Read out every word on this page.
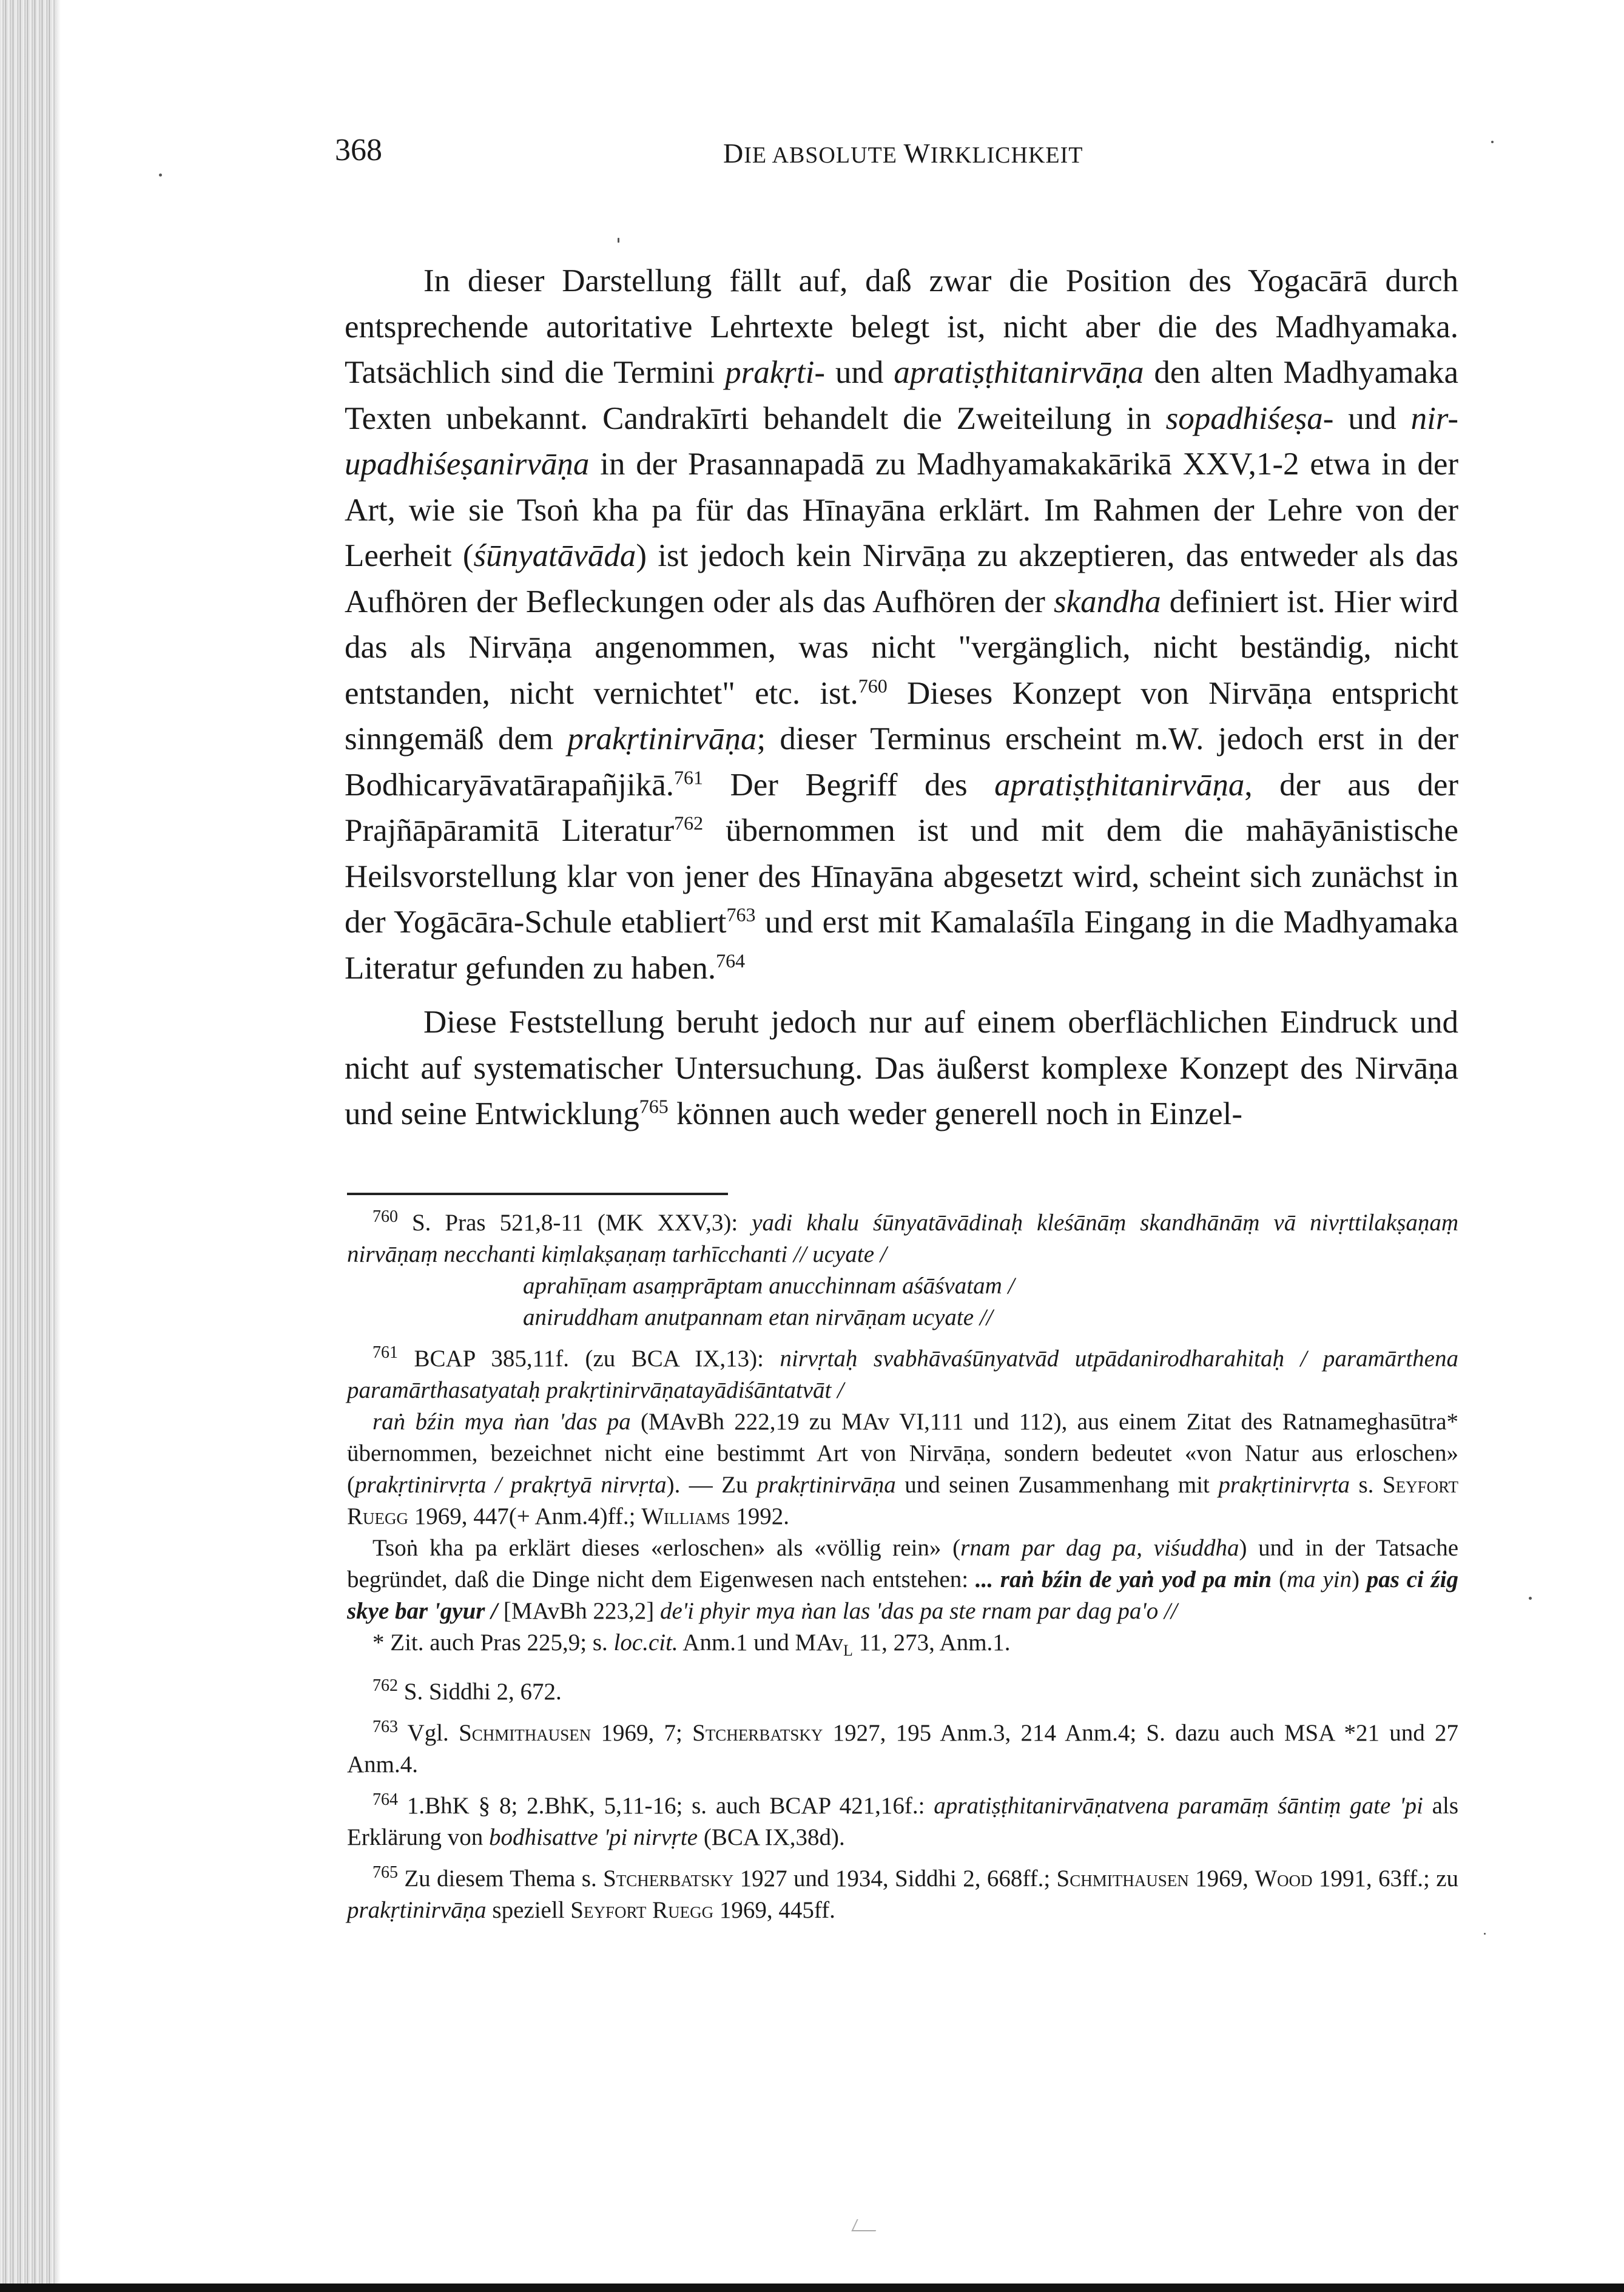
368	DIE ABSOLUTE WIRKLICHKEIT

In dieser Darstellung fällt auf, daß zwar die Position des Yogacārā durch entsprechende autoritative Lehrtexte belegt ist, nicht aber die des Madhyamaka. Tatsächlich sind die Termini prakṛti- und apratiṣṭhitanirvāṇa den alten Madhyamaka Texten unbekannt. Candrakīrti behandelt die Zweiteilung in sopadhiśeṣa- und nir-upadhiśeṣanirvāṇa in der Prasannapadā zu Madhyamakakārikā XXV,1-2 etwa in der Art, wie sie Tsoṅ kha pa für das Hīnayāna erklärt. Im Rahmen der Lehre von der Leerheit (śūnyatāvāda) ist jedoch kein Nirvāṇa zu akzeptieren, das entweder als das Aufhören der Befleckungen oder als das Aufhören der skandha definiert ist. Hier wird das als Nirvāṇa angenommen, was nicht "vergänglich, nicht beständig, nicht entstanden, nicht vernichtet" etc. ist.$^{760}$ Dieses Konzept von Nirvāṇa entspricht sinngemäß dem prakṛtinirvāṇa; dieser Terminus erscheint m.W. jedoch erst in der Bodhicaryāvatārapañjikā.$^{761}$ Der Begriff des apratiṣṭhitanirvāṇa, der aus der Prajñāpāramitā Literatur$^{762}$ übernommen ist und mit dem die mahāyānistische Heilsvorstellung klar von jener des Hīnayāna abgesetzt wird, scheint sich zunächst in der Yogācāra-Schule etabliert$^{763}$ und erst mit Kamalaśīla Eingang in die Madhyamaka Literatur gefunden zu haben.$^{764}$

Diese Feststellung beruht jedoch nur auf einem oberflächlichen Eindruck und nicht auf systematischer Untersuchung. Das äußerst komplexe Konzept des Nirvāṇa und seine Entwicklung$^{765}$ können auch weder generell noch in Einzel-

$^{760}$ S. Pras 521,8-11 (MK XXV,3): yadi khalu śūnyatāvādinaḥ kleśānāṃ skandhānāṃ vā nivṛttilakṣaṇaṃ nirvāṇaṃ necchanti kiṃlakṣaṇaṃ tarhīcchanti // ucyate /
aprahīṇam asaṃprāptam anucchinnam aśāśvatam /
aniruddham anutpannam etan nirvāṇam ucyate //
$^{761}$ BCAP 385,11f. (zu BCA IX,13): nirvṛtaḥ svabhāvaśūnyatvād utpādanirodharahitaḥ / paramārthena paramārthasatyataḥ prakṛtinirvāṇatayādiśāntatvāt /
raṅ bźin mya ṅan 'das pa (MAvBh 222,19 zu MAv VI,111 und 112), aus einem Zitat des Ratnameghasūtra* übernommen, bezeichnet nicht eine bestimmt Art von Nirvāṇa, sondern bedeutet «von Natur aus erloschen» (prakṛtinirvṛta / prakṛtyā nirvṛta). — Zu prakṛtinirvāṇa und seinen Zusammenhang mit prakṛtinirvṛta s. Seyfort Ruegg 1969, 447(+ Anm.4)ff.; Williams 1992.
Tsoṅ kha pa erklärt dieses «erloschen» als «völlig rein» (rnam par dag pa, viśuddha) und in der Tatsache begründet, daß die Dinge nicht dem Eigenwesen nach entstehen: ... raṅ bźin de yaṅ yod pa min (ma yin) pas ci źig skye bar 'gyur / [MAvBh 223,2] de'i phyir mya ṅan las 'das pa ste rnam par dag pa'o //
* Zit. auch Pras 225,9; s. loc.cit. Anm.1 und MAv$_L$ 11, 273, Anm.1.
$^{762}$ S. Siddhi 2, 672.
$^{763}$ Vgl. Schmithausen 1969, 7; Stcherbatsky 1927, 195 Anm.3, 214 Anm.4; S. dazu auch MSA *21 und 27 Anm.4.
$^{764}$ 1.BhK § 8; 2.BhK, 5,11-16; s. auch BCAP 421,16f.: apratiṣṭhitanirvāṇatvena paramāṃ śāntiṃ gate 'pi als Erklärung von bodhisattve 'pi nirvṛte (BCA IX,38d).
$^{765}$ Zu diesem Thema s. Stcherbatsky 1927 und 1934, Siddhi 2, 668ff.; Schmithausen 1969, Wood 1991, 63ff.; zu prakṛtinirvāṇa speziell Seyfort Ruegg 1969, 445ff.
